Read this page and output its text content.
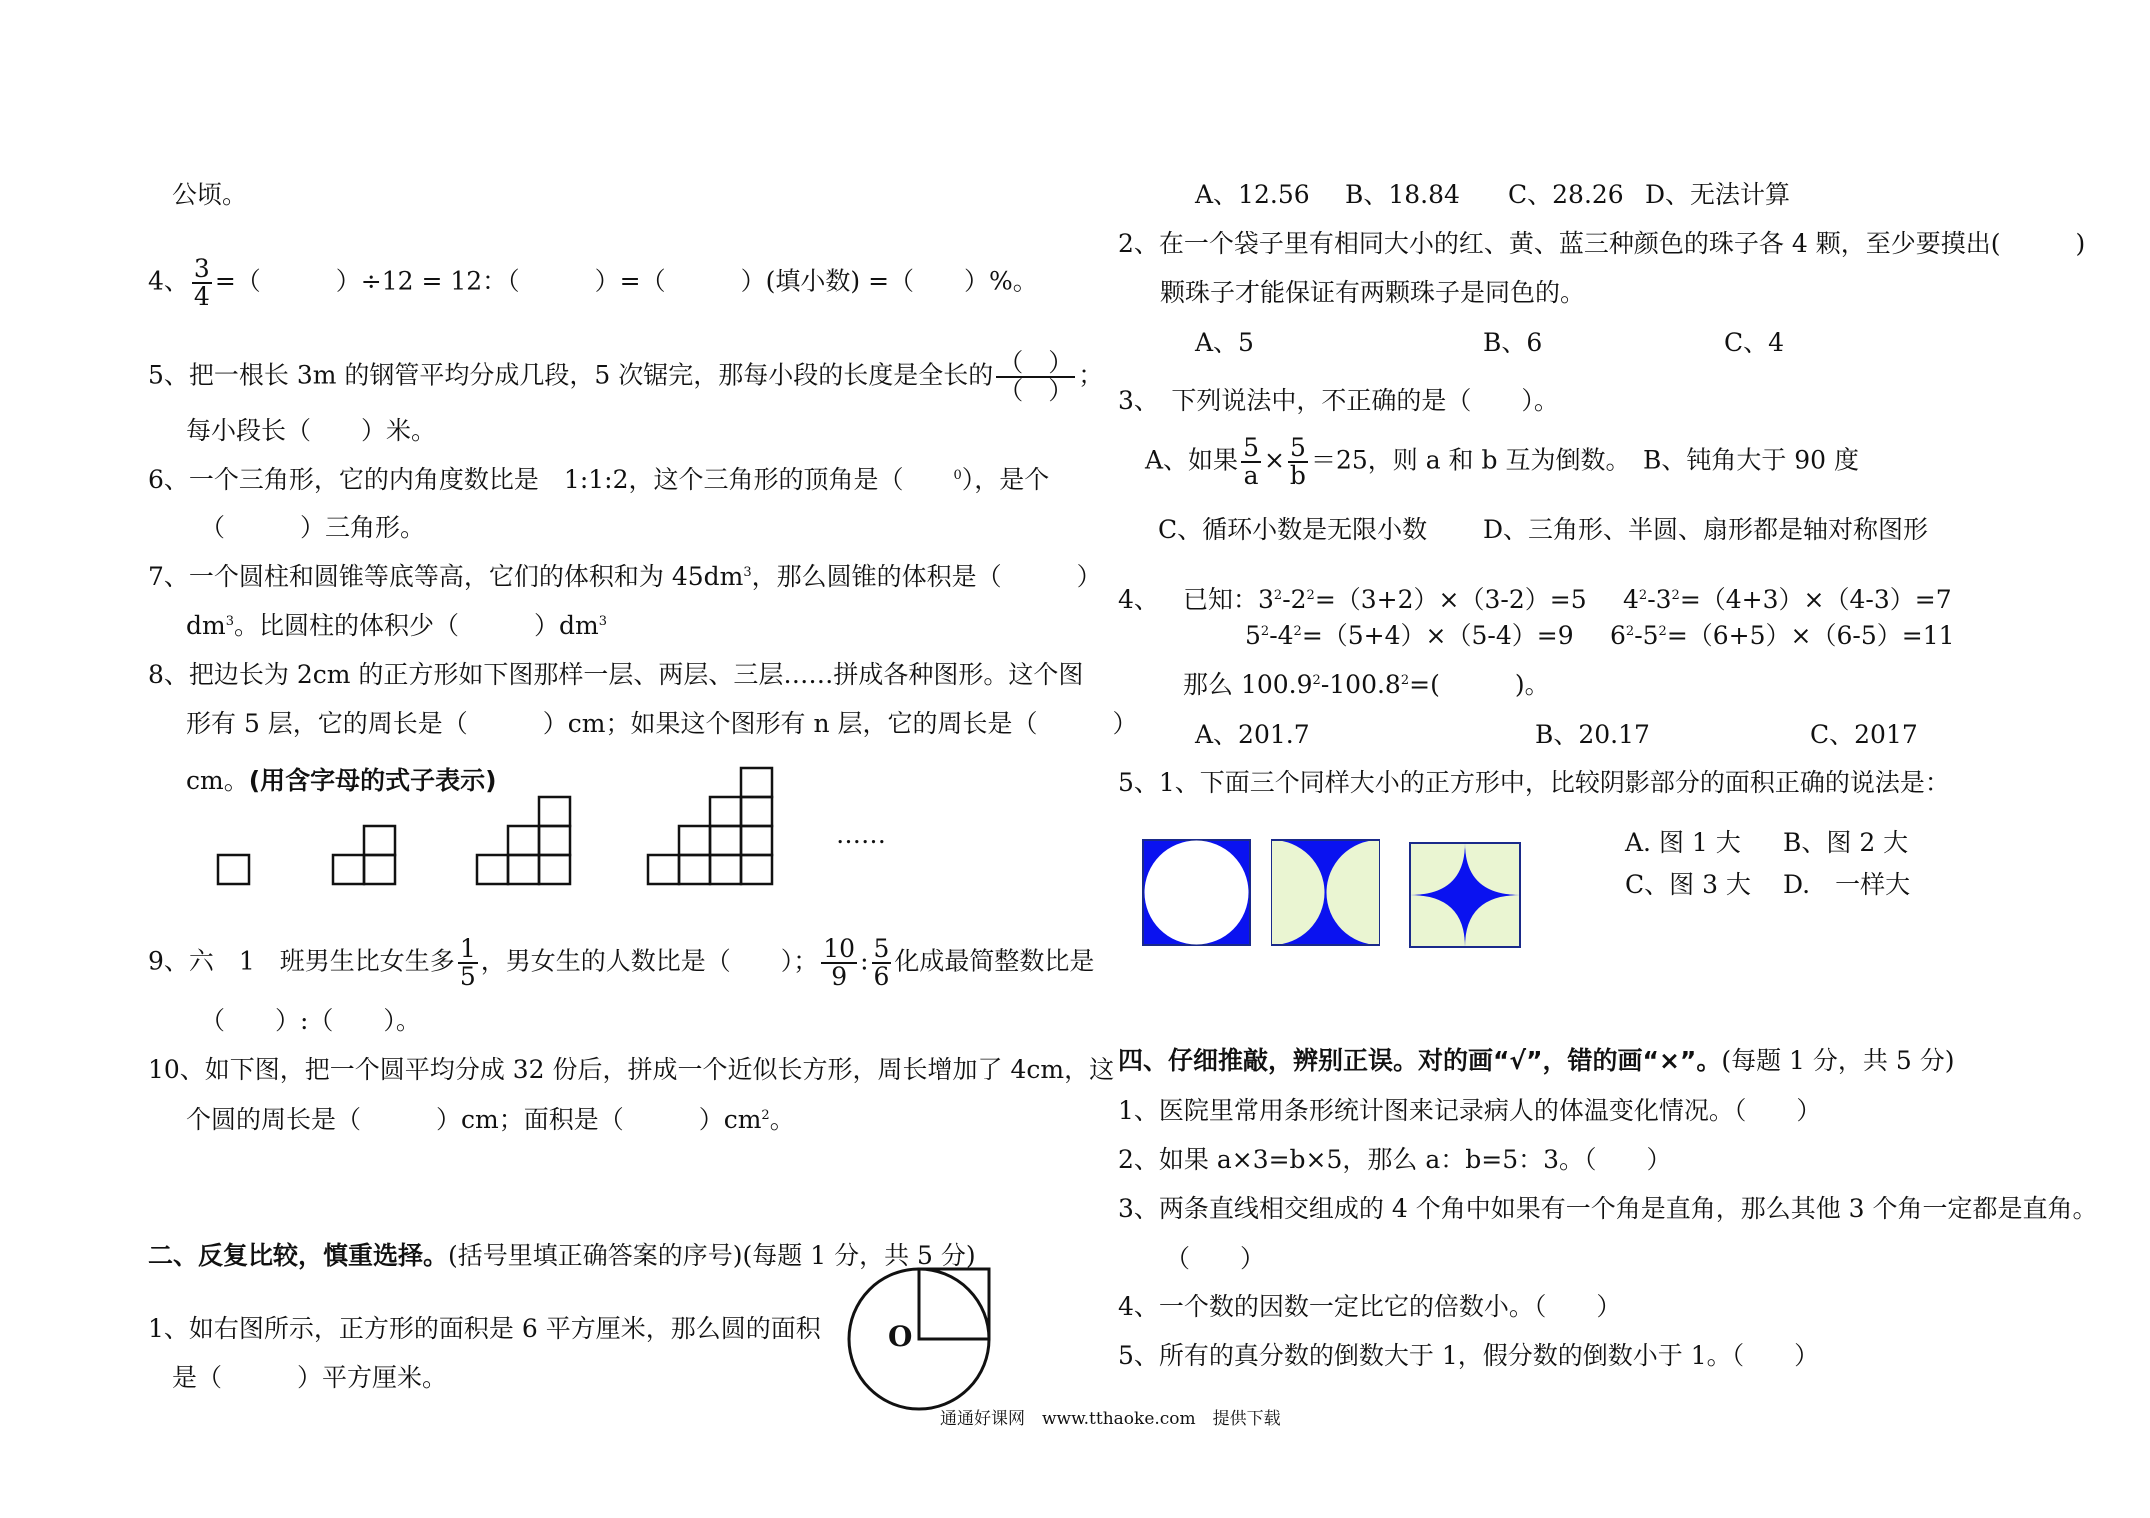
公顷。
4、 $\frac{3}{4}$ =（　　　）÷12 = 12：（　　　）=（　　　）(填小数) =（　　）%。
5、把一根长 3m 的钢管平均分成几段，5 次锯完，那每小段的长度是全长的 $\frac{( )}{( )}$ ；
每小段长（　　）米。
6、一个三角形，它的内角度数比是　1:1:2，这个三角形的顶角是（　　$^0$），是个
（　　　）三角形。
7、一个圆柱和圆锥等底等高，它们的体积和为 $45dm^3$，那么圆锥的体积是（　　　）
$dm^3$。比圆柱的体积少（　　　）$dm^3$
8、把边长为 2cm 的正方形如下图那样一层、两层、三层……拼成各种图形。这个图
形有 5 层，它的周长是（　　　）cm；如果这个图形有 n 层，它的周长是（　　　）
cm。(用含字母的式子表示)
……
9、六　1　班男生比女生多 $\frac{1}{5}$ ，男女生的人数比是（　　）； $\frac{10}{9}$ : $\frac{5}{6}$ 化成最简整数比是
（　　）:（　　）。
10、如下图，把一个圆平均分成 32 份后，拼成一个近似长方形，周长增加了 4cm，这
个圆的周长是（　　　）cm；面积是（　　　）$cm^2$。
二、反复比较，慎重选择。(括号里填正确答案的序号)(每题 1 分，共 5 分)
1、如右图所示，正方形的面积是 6 平方厘米，那么圆的面积
是（　　　）平方厘米。
O
A、12.56 B、18.84 C、28.26 D、无法计算
2、在一个袋子里有相同大小的红、黄、蓝三种颜色的珠子各 4 颗，至少要摸出(　　　)
颗珠子才能保证有两颗珠子是同色的。
A、5	B、6	C、4
3、　下列说法中，不正确的是（　　）。
A、如果 $\frac{5}{a} \times \frac{5}{b} =25$，则 a 和 b 互为倒数。　B、钝角大于 90 度
C、循环小数是无限小数 D、三角形、半圆、扇形都是轴对称图形
4、 已知：$3^2-2^2=(3+2)\times(3-2)=5$ $4^2-3^2=(4+3)\times(4-3)=7$
$5^2-4^2=(5+4)\times(5-4)=9$ $6^2-5^2=(6+5)\times(6-5)=11$
那么 $100.9^2-100.8^2=$(　　　)。
A、201.7	B、20.17	C、2017
5、1、下面三个同样大小的正方形中，比较阴影部分的面积正确的说法是：
A. 图 1 大 B、图 2 大
C、图 3 大 D.　一样大
四、仔细推敲，辨别正误。对的画“√”，错的画“×”。(每题 1 分，共 5 分)
1、医院里常用条形统计图来记录病人的体温变化情况。（　　）
2、如果 a×3=b×5，那么 a：b=5：3。（　　）
3、两条直线相交组成的 4 个角中如果有一个角是直角，那么其他 3 个角一定都是直角。
（　　）
4、一个数的因数一定比它的倍数小。（　　）
5、所有的真分数的倒数大于 1，假分数的倒数小于 1。（　　）
通通好课网　www.tthaoke.com　提供下载
